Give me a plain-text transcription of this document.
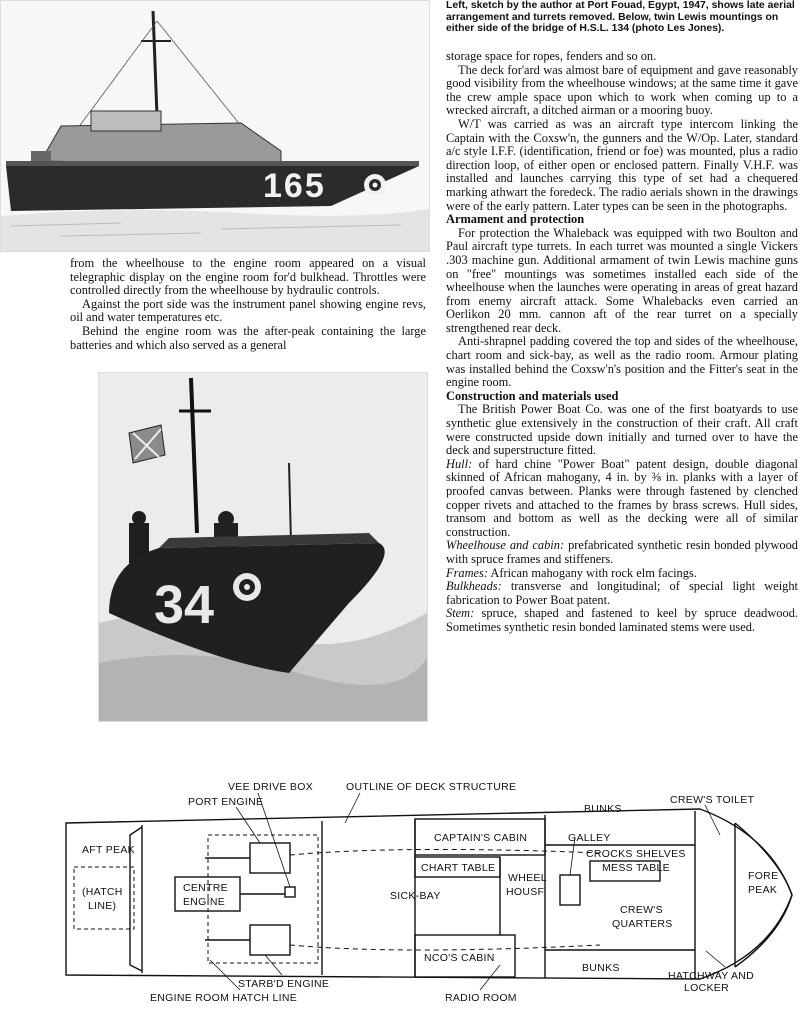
165
Left, sketch by the author at Port Fouad, Egypt, 1947, shows late aerial arrangement and turrets removed. Below, twin Lewis mountings on either side of the bridge of H.S.L. 134 (photo Les Jones).

from the wheelhouse to the engine room appeared on a visual telegraphic display on the engine room for'd bulkhead. Throttles were controlled directly from the wheelhouse by hydraulic controls.

Against the port side was the instrument panel showing engine revs, oil and water temperatures etc.

Behind the engine room was the after-peak containing the large batteries and which also served as a general

34

storage space for ropes, fenders and so on.

The deck for'ard was almost bare of equipment and gave reasonably good visibility from the wheelhouse windows; at the same time it gave the crew ample space upon which to work when coming up to a wrecked aircraft, a ditched airman or a mooring buoy.

W/T was carried as was an aircraft type intercom linking the Captain with the Coxsw'n, the gunners and the W/Op. Later, standard a/c style I.F.F. (identification, friend or foe) was mounted, plus a radio direction loop, of either open or enclosed pattern. Finally V.H.F. was installed and launches carrying this type of set had a chequered marking athwart the foredeck. The radio aerials shown in the drawings were of the early pattern. Later types can be seen in the photographs.

Armament and protection

For protection the Whaleback was equipped with two Boulton and Paul aircraft type turrets. In each turret was mounted a single Vickers .303 machine gun. Additional armament of twin Lewis machine guns on "free" mountings was sometimes installed each side of the wheelhouse when the launches were operating in areas of great hazard from enemy aircraft attack. Some Whalebacks even carried an Oerlikon 20 mm. cannon aft of the rear turret on a specially strengthened rear deck.

Anti-shrapnel padding covered the top and sides of the wheelhouse, chart room and sick-bay, as well as the radio room. Armour plating was installed behind the Coxsw'n's position and the Fitter's seat in the engine room.

Construction and materials used

The British Power Boat Co. was one of the first boatyards to use synthetic glue extensively in the construction of their craft. All craft were constructed upside down initially and turned over to have the deck and superstructure fitted.

Hull: of hard chine "Power Boat" patent design, double diagonal skinned of African mahogany, 4 in. by ⅜ in. planks with a layer of proofed canvas between. Planks were through fastened by clenched copper rivets and attached to the frames by brass screws. Hull sides, transom and bottom as well as the decking were all of similar construction.

Wheelhouse and cabin: prefabricated synthetic resin bonded plywood with spruce frames and stiffeners.

Frames: African mahogany with rock elm facings.

Bulkheads: transverse and longitudinal; of special light weight fabrication to Power Boat patent.

Stem: spruce, shaped and fastened to keel by spruce deadwood. Sometimes synthetic resin bonded laminated stems were used.

VEE DRIVE BOX
PORT ENGINE
OUTLINE OF DECK STRUCTURE
BUNKS
CREW'S TOILET
CAPTAIN'S CABIN	GALLEY
AFT PEAK	CROCKS SHELVES
MESS TABLE
CHART TABLE
WHEEL
HOUSF
CENTRE
ENGINE
(HATCH
LINE)
SICK-BAY
FORE
PEAK
CREW'S
QUARTERS
NCO'S CABIN
BUNKS
STARB'D ENGINE
HATCHWAY AND
LOCKER
ENGINE ROOM HATCH LINE	RADIO ROOM
